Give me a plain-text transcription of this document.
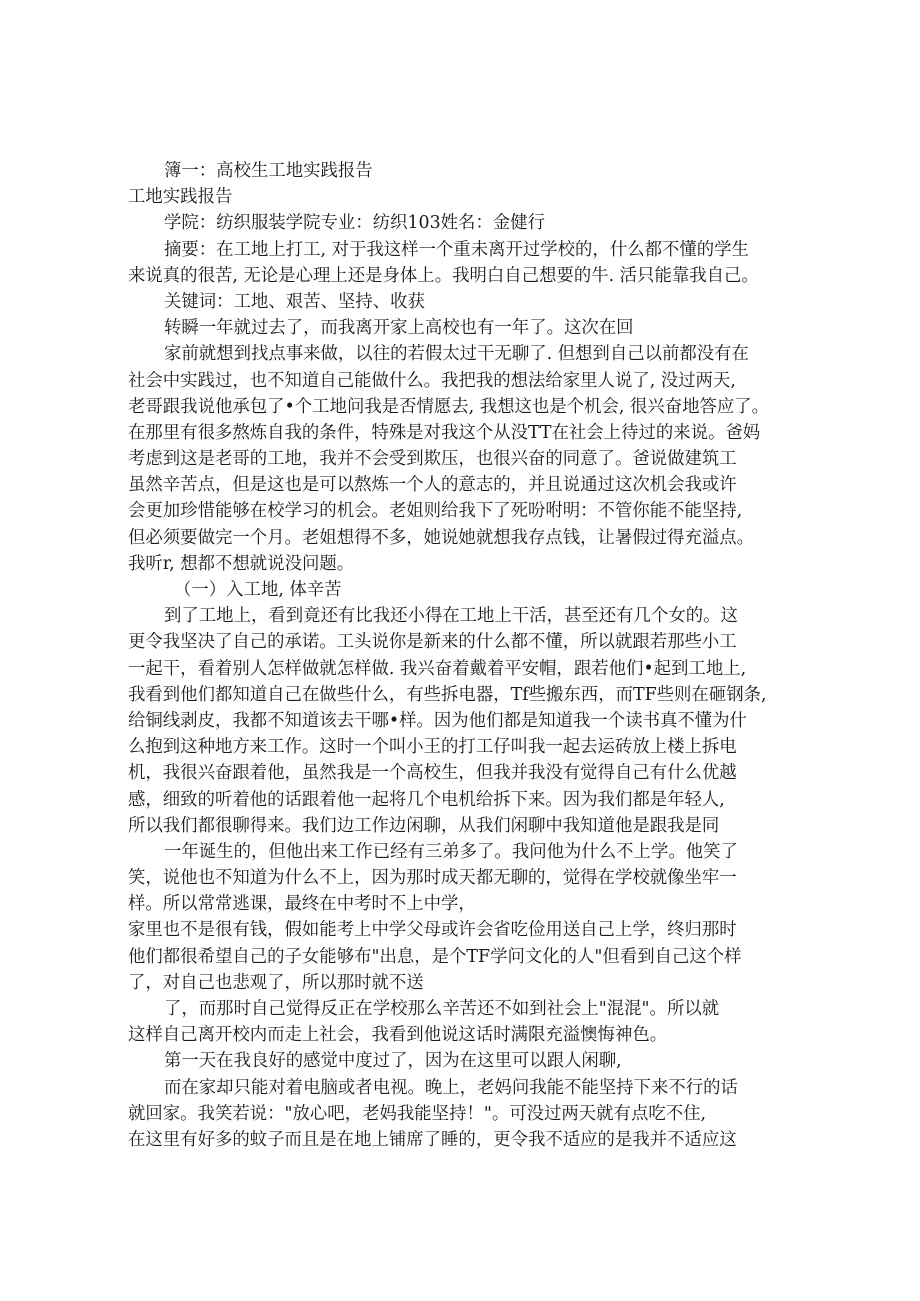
簿一：高校生工地实践报告
工地实践报告
学院：纺织服装学院专业：纺织103姓名：金健行
摘要：在工地上打工, 对于我这样一个重未离开过学校的，什么都不懂的学生
来说真的很苦, 无论是心理上还是身体上。我明白自己想要的牛. 活只能靠我自己。
关键词：工地、艰苦、坚持、收获
转瞬一年就过去了，而我离开家上高校也有一年了。这次在回
家前就想到找点事来做，以往的若假太过干无聊了. 但想到自己以前都没有在
社会中实践过，也不知道自己能做什么。我把我的想法给家里人说了, 没过两天,
老哥跟我说他承包了•个工地问我是否情愿去, 我想这也是个机会, 很兴奋地答应了。
在那里有很多熬炼自我的条件，特殊是对我这个从没TT在社会上待过的来说。爸妈
考虑到这是老哥的工地，我并不会受到欺压，也很兴奋的同意了。爸说做建筑工
虽然辛苦点，但是这也是可以熬炼一个人的意志的，并且说通过这次机会我或许
会更加珍惜能够在校学习的机会。老姐则给我下了死吩咐明：不管你能不能坚持,
但必须要做完一个月。老姐想得不多，她说她就想我存点钱，让暑假过得充溢点。
我听r, 想都不想就说没问题。
（一）入工地, 体辛苦
到了工地上，看到竟还有比我还小得在工地上干活，甚至还有几个女的。这
更令我坚决了自己的承诺。工头说你是新来的什么都不懂，所以就跟若那些小工
一起干，看着别人怎样做就怎样做. 我兴奋着戴着平安帽，跟若他们•起到工地上,
我看到他们都知道自己在做些什么，有些拆电器，Tf些搬东西，而TF些则在砸钢条,
给铜线剥皮，我都不知道该去干哪•样。因为他们都是知道我一个读书真不懂为什
么抱到这种地方来工作。这时一个叫小王的打工仔叫我一起去运砖放上楼上拆电
机，我很兴奋跟着他，虽然我是一个高校生，但我并我没有觉得自己有什么优越
感，细致的听着他的话跟着他一起将几个电机给拆下来。因为我们都是年轻人,
所以我们都很聊得来。我们边工作边闲聊，从我们闲聊中我知道他是跟我是同
一年诞生的，但他出来工作已经有三弟多了。我问他为什么不上学。他笑了
笑，说他也不知道为什么不上，因为那时成天都无聊的，觉得在学校就像坐牢一
样。所以常常逃课，最终在中考时不上中学，
家里也不是很有钱，假如能考上中学父母或许会省吃俭用送自己上学，终归那时
他们都很希望自己的子女能够布"出息，是个TF学问文化的人"但看到自己这个样
了，对自己也悲观了，所以那时就不送
了，而那时自己觉得反正在学校那么辛苦还不如到社会上"混混"。所以就
这样自己离开校内而走上社会，我看到他说这话时满限充溢懊悔神色。
第一天在我良好的感觉中度过了，因为在这里可以跟人闲聊,
而在家却只能对着电脑或者电视。晚上，老妈问我能不能坚持下来不行的话
就回家。我笑若说："放心吧，老妈我能坚持！"。可没过两天就有点吃不住,
在这里有好多的蚊子而且是在地上铺席了睡的，更令我不适应的是我并不适应这
